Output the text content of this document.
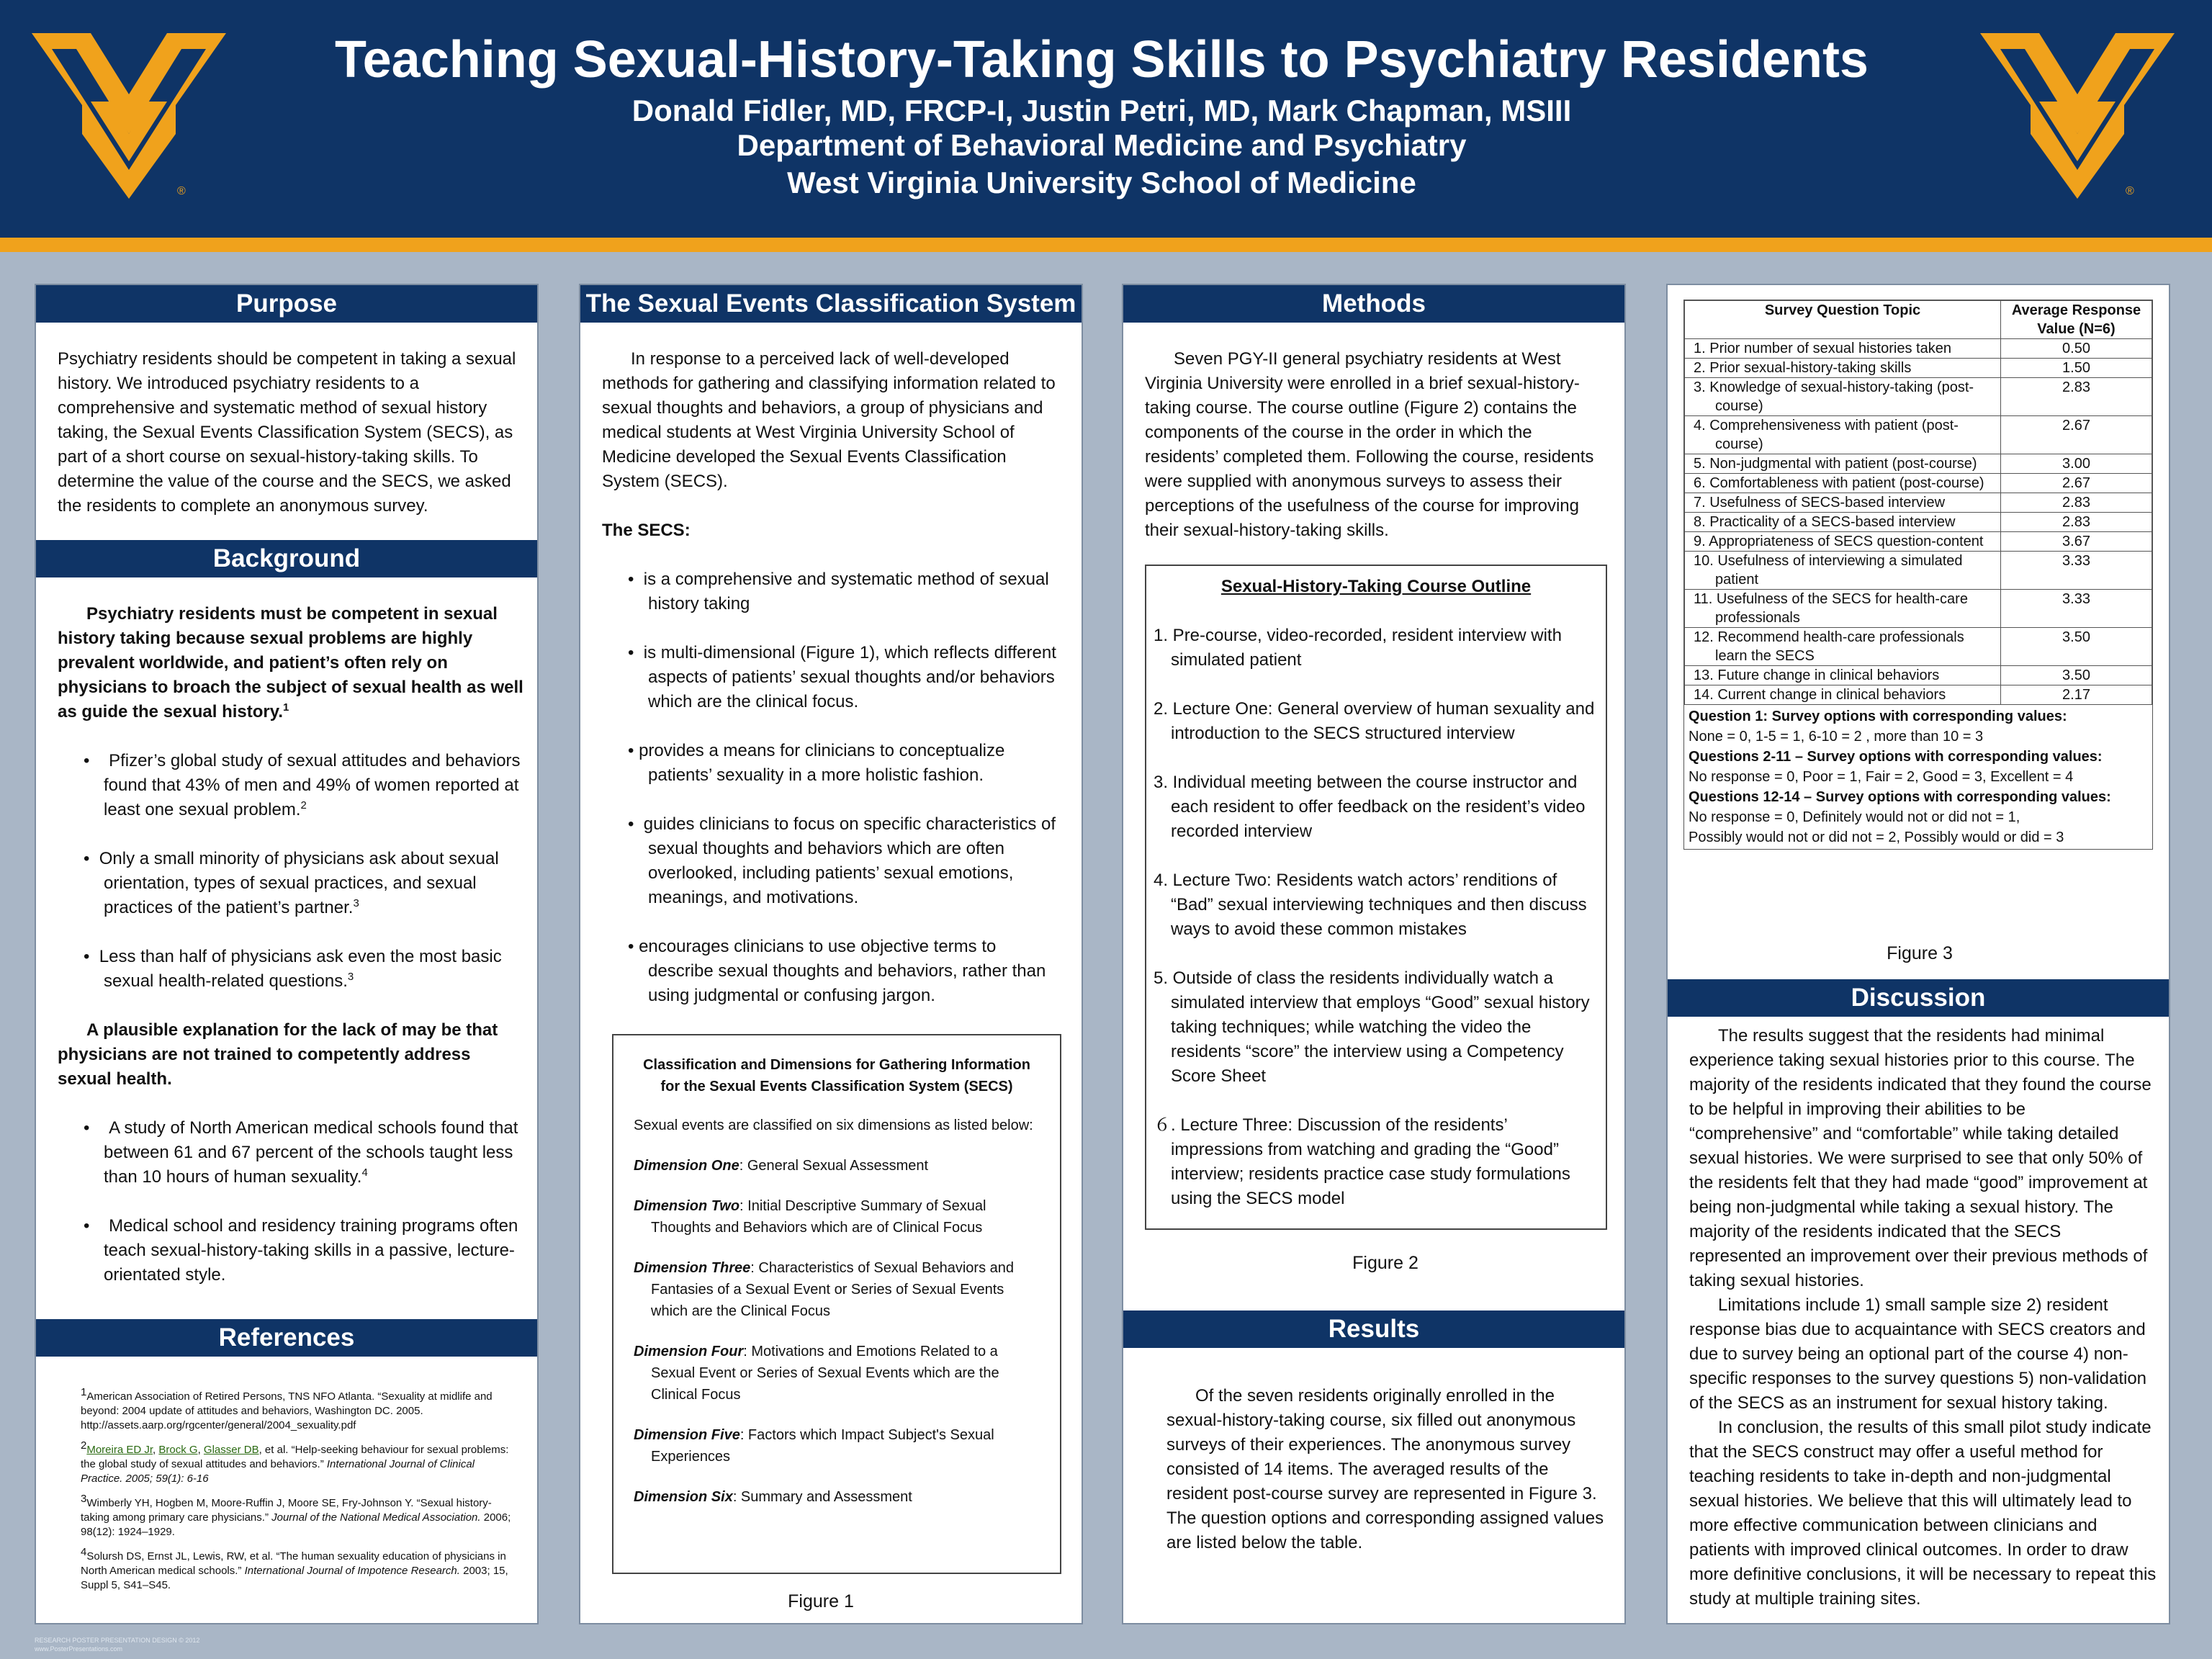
®	®
Teaching Sexual-History-Taking Skills to Psychiatry Residents
Donald Fidler, MD, FRCP-I, Justin Petri, MD, Mark Chapman, MSIII
Department of Behavioral Medicine and Psychiatry
West Virginia University School of Medicine
Purpose

Psychiatry residents should be competent in taking a sexual history. We introduced psychiatry residents to a comprehensive and systematic method of sexual history taking, the Sexual Events Classification System (SECS), as part of a short course on sexual-history-taking skills. To determine the value of the course and the SECS, we asked the residents to complete an anonymous survey.

Background

Psychiatry residents must be competent in sexual history taking because sexual problems are highly prevalent worldwide, and patient’s often rely on physicians to broach the subject of sexual health as well as guide the sexual history.$^1$

•    Pfizer’s global study of sexual attitudes and behaviors found that 43% of men and 49% of women reported at least one sexual problem.$^2$

•  Only a small minority of physicians ask about sexual orientation, types of sexual practices, and sexual practices of the patient’s partner.$^3$

•  Less than half of physicians ask even the most basic sexual health-related questions.$^3$

A plausible explanation for the lack of may be that physicians are not trained to competently address sexual health.

•    A study of North American medical schools found that between 61 and 67 percent of the schools taught less than 10 hours of human sexuality.$^4$

•    Medical school and residency training programs often teach sexual-history-taking skills in a passive, lecture-orientated style.

References

$^1$American Association of Retired Persons, TNS NFO Atlanta. “Sexuality at midlife and beyond: 2004 update of attitudes and behaviors, Washington DC. 2005. http://assets.aarp.org/rgcenter/general/2004_sexuality.pdf

$^2$Moreira ED Jr, Brock G, Glasser DB, et al. “Help-seeking behaviour for sexual problems: the global study of sexual attitudes and behaviors.” International Journal of Clinical Practice. 2005; 59(1): 6-16

$^3$Wimberly YH, Hogben M, Moore-Ruffin J, Moore SE, Fry-Johnson Y. “Sexual history-taking among primary care physicians.” Journal of the National Medical Association. 2006; 98(12): 1924–1929.

$^4$Solursh DS, Ernst JL, Lewis, RW, et al. “The human sexuality education of physicians in North American medical schools.” International Journal of Impotence Research. 2003; 15, Suppl 5, S41–S45.

The Sexual Events Classification System

In response to a perceived lack of well-developed methods for gathering and classifying information related to sexual thoughts and behaviors, a group of physicians and medical students at West Virginia University School of Medicine developed the Sexual Events Classification System (SECS).

The SECS:

•  is a comprehensive and systematic method of sexual history taking

•  is multi-dimensional (Figure 1), which reflects different aspects of patients’ sexual thoughts and/or behaviors which are the clinical focus.

• provides a means for clinicians to conceptualize patients’ sexuality in a more holistic fashion.

•  guides clinicians to focus on specific characteristics of sexual thoughts and behaviors which are often overlooked, including patients’ sexual emotions, meanings, and motivations.

• encourages clinicians to use objective terms to describe sexual thoughts and behaviors, rather than using judgmental or confusing jargon.

Classification and Dimensions for Gathering Information for the Sexual Events Classification System (SECS)

Sexual events are classified on six dimensions as listed below:

Dimension One: General Sexual Assessment

Dimension Two: Initial Descriptive Summary of Sexual Thoughts and Behaviors which are of Clinical Focus

Dimension Three: Characteristics of Sexual Behaviors and Fantasies of a Sexual Event or Series of Sexual Events which are the Clinical Focus

Dimension Four: Motivations and Emotions Related to a Sexual Event or Series of Sexual Events which are the Clinical Focus

Dimension Five: Factors which Impact Subject's Sexual Experiences

Dimension Six: Summary and Assessment

Figure 1
Methods

Seven PGY-II general psychiatry residents at West Virginia University were enrolled in a brief sexual-history-taking course. The course outline (Figure 2) contains the components of the course in the order in which the residents’ completed them. Following the course, residents were supplied with anonymous surveys to assess their perceptions of the usefulness of the course for improving their sexual-history-taking skills.

Results

Of the seven residents originally enrolled in the sexual-history-taking course, six filled out anonymous surveys of their experiences. The anonymous survey consisted of 14 items. The averaged results of the resident post-course survey are represented in Figure 3. The question options and corresponding assigned values are listed below the table.

Sexual-History-Taking Course Outline

1. Pre-course, video-recorded, resident interview with simulated patient

2. Lecture One: General overview of human sexuality and introduction to the SECS structured interview

3. Individual meeting between the course instructor and each resident to offer feedback on the resident’s video recorded interview

4. Lecture Two: Residents watch actors’ renditions of “Bad” sexual interviewing techniques and then discuss ways to avoid these common mistakes

5. Outside of class the residents individually watch a simulated interview that employs “Good” sexual history taking techniques; while watching the video the residents “score” the interview using a Competency Score Sheet

６. Lecture Three: Discussion of the residents’ impressions from watching and grading the “Good” interview; residents practice case study formulations using the SECS model

Figure 2
Survey Question Topic	Average Response Value (N=6)
1. Prior number of sexual histories taken	0.50
2. Prior sexual-history-taking skills	1.50
3. Knowledge of sexual-history-taking (post-course)	2.83
4. Comprehensiveness with patient (post-course)	2.67
5. Non-judgmental with patient (post-course)	3.00
6. Comfortableness with patient (post-course)	2.67
7. Usefulness of SECS-based interview	2.83
8. Practicality of a SECS-based interview	2.83
9. Appropriateness of SECS question-content	3.67
10. Usefulness of interviewing a simulated patient	3.33
11. Usefulness of the SECS for health-care professionals	3.33
12. Recommend health-care professionals learn the SECS	3.50
13. Future change in clinical behaviors	3.50
14. Current change in clinical behaviors	2.17
Question 1: Survey options with corresponding values:
None = 0, 1-5 = 1, 6-10 = 2 , more than 10 = 3
Questions 2-11 – Survey options with corresponding values:
No response = 0, Poor = 1, Fair = 2, Good = 3, Excellent = 4
Questions 12-14 – Survey options with corresponding values:
No response = 0, Definitely would not or did not = 1,
Possibly would not or did not = 2, Possibly would or did = 3
Figure 3
Discussion

The results suggest that the residents had minimal experience taking sexual histories prior to this course. The majority of the residents indicated that they found the course to be helpful in improving their abilities to be “comprehensive” and “comfortable” while taking detailed sexual histories. We were surprised to see that only 50% of the residents felt that they had made “good” improvement at being non-judgmental while taking a sexual history. The majority of the residents indicated that the SECS represented an improvement over their previous methods of taking sexual histories.

Limitations include 1) small sample size 2) resident response bias due to acquaintance with SECS creators and due to survey being an optional part of the course 4) non-specific responses to the survey questions 5) non-validation of the SECS as an instrument for sexual history taking.

In conclusion, the results of this small pilot study indicate that the SECS construct may offer a useful method for teaching residents to take in-depth and non-judgmental sexual histories. We believe that this will ultimately lead to more effective communication between clinicians and patients with improved clinical outcomes. In order to draw more definitive conclusions, it will be necessary to repeat this study at multiple training sites.

RESEARCH POSTER PRESENTATION DESIGN © 2012
www.PosterPresentations.com
